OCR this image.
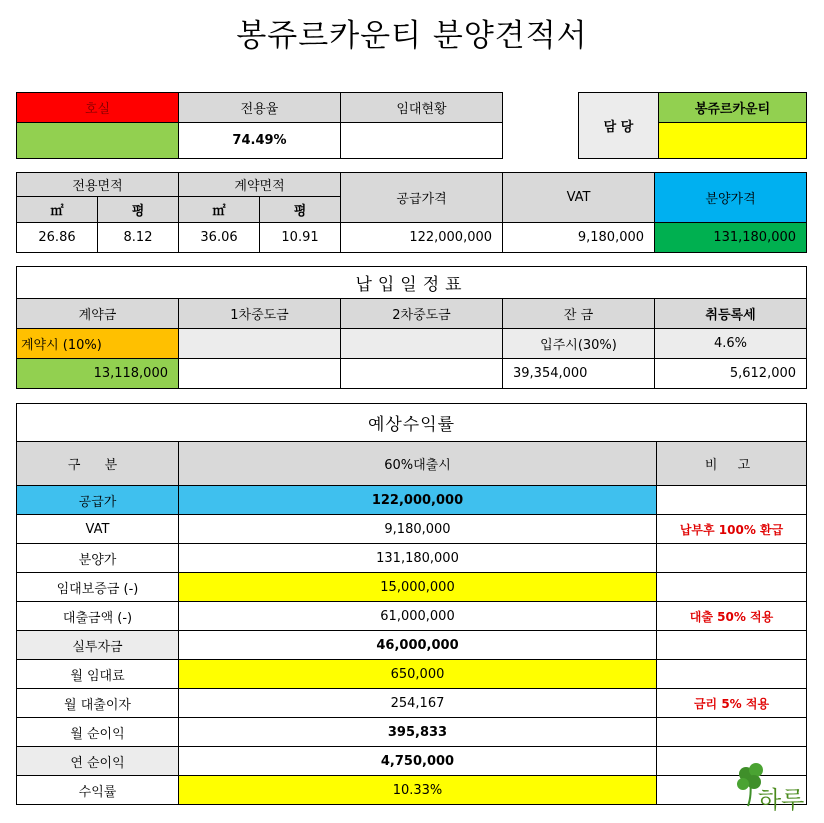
봉쥬르카운티 분양견적서
호실	전용율	임대현황
	74.49%	
담 당	봉쥬르카운티

전용면적		계약면적		공급가격	VAT	분양가격
㎡	평	㎡	평			
26.86	8.12	36.06	10.91	122,000,000	9,180,000	131,180,000
납입일정표				
계약금	1차중도금	2차중도금	잔 금	취등록세
계약시 (10%)			입주시(30%)	4.6%
13,118,000			39,354,000	5,612,000
예상수익률		
구 분	60%대출시	비 고
공급가	122,000,000	
VAT	9,180,000	납부후 100% 환급
분양가	131,180,000	
임대보증금 (-)	15,000,000	
대출금액 (-)	61,000,000	대출 50% 적용
실투자금	46,000,000	
월 임대료	650,000	
월 대출이자	254,167	금리 5% 적용
월 순이익	395,833	
연 순이익	4,750,000	
수익률	10.33%		하루
